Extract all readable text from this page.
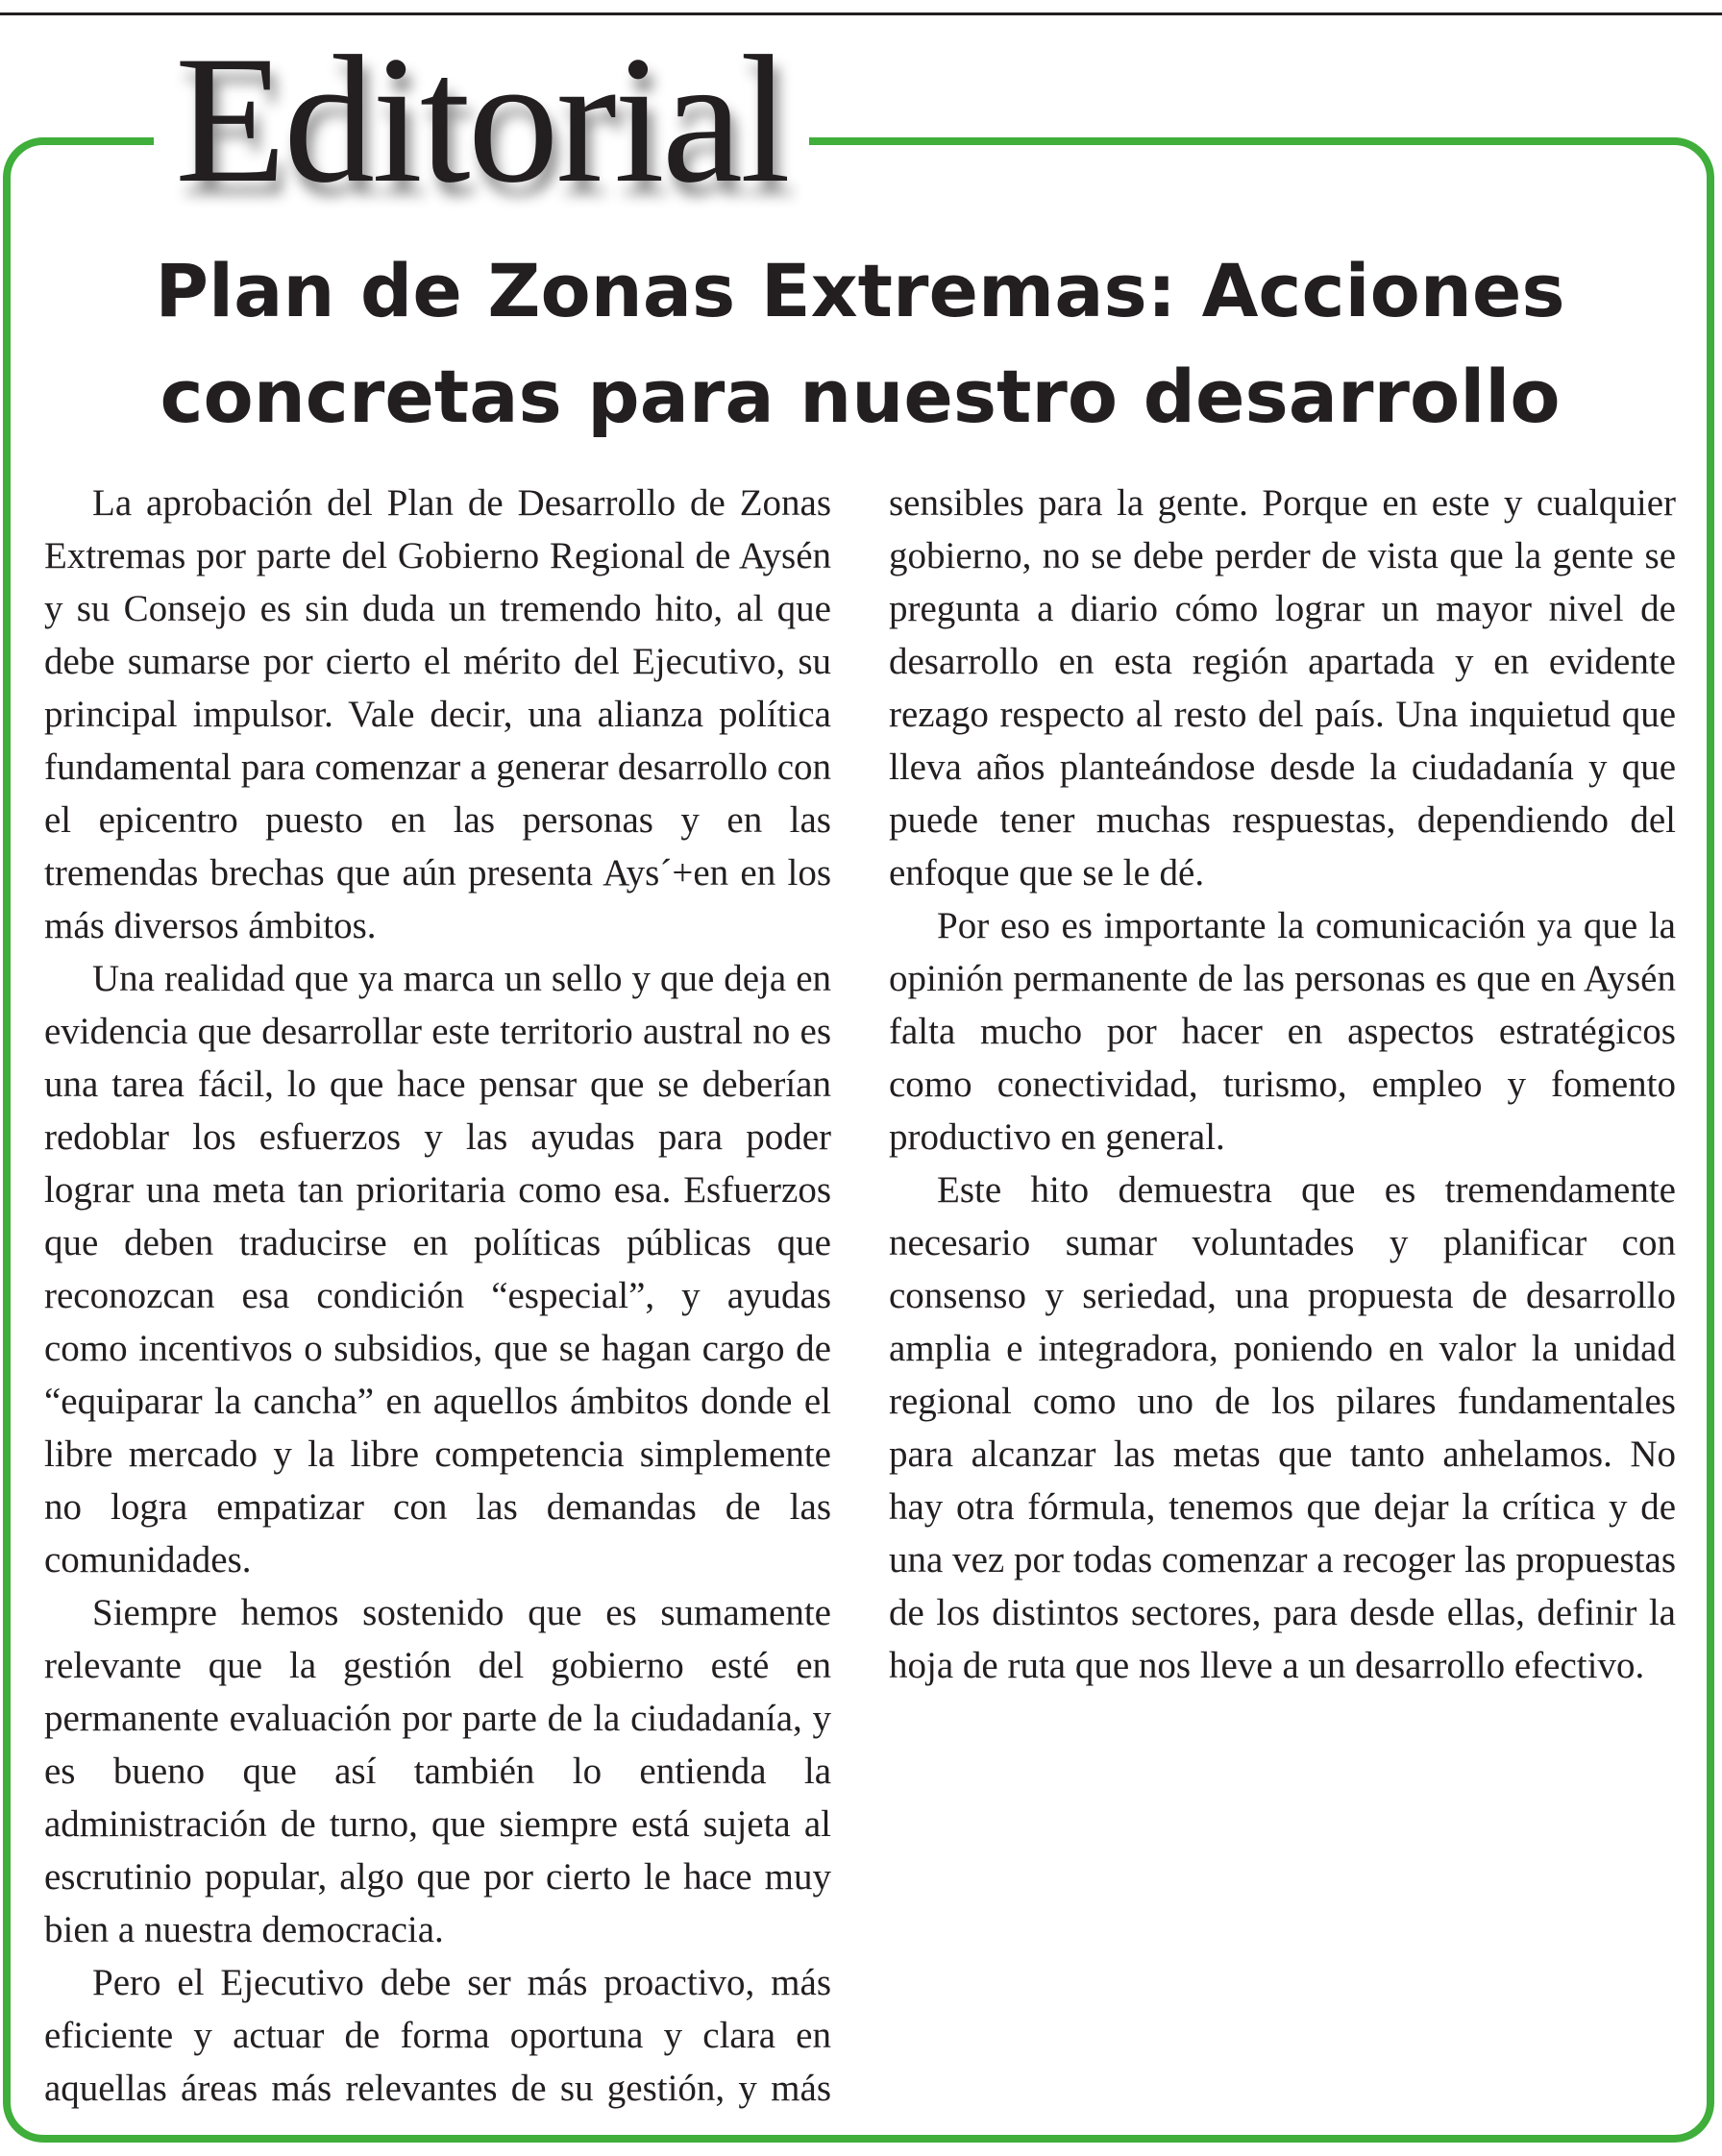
Editorial
Plan de Zonas Extremas: Acciones
concretas para nuestro desarrollo

La aprobación del Plan de Desarrollo de Zonas Extremas por parte del Gobierno Regional de Aysén y su Consejo es sin duda un tremendo hito, al que debe sumarse por cierto el mérito del Ejecutivo, su principal impulsor. Vale decir, una alianza política fundamental para comenzar a generar desarrollo con el epicentro puesto en las personas y en las tremendas brechas que aún presenta Ays´+en en los más diversos ámbitos.

Una realidad que ya marca un sello y que deja en evidencia que desarrollar este territorio austral no es una tarea fácil, lo que hace pensar que se deberían redoblar los esfuerzos y las ayudas para poder lograr una meta tan prioritaria como esa. Esfuerzos que deben traducirse en políticas públicas que reconozcan esa condición “especial”, y ayudas como incentivos o subsidios, que se hagan cargo de “equiparar la cancha” en aquellos ámbitos donde el libre mercado y la libre competencia simplemente no logra empatizar con las demandas de las comunidades.

Siempre hemos sostenido que es sumamente relevante que la gestión del gobierno esté en permanente evaluación por parte de la ciudadanía, y es bueno que así también lo entienda la administración de turno, que siempre está sujeta al escrutinio popular, algo que por cierto le hace muy bien a nuestra democracia.

Pero el Ejecutivo debe ser más proactivo, más eficiente y actuar de forma oportuna y clara en aquellas áreas más relevantes de su gestión, y más sensibles para la gente. Porque en este y cualquier gobierno, no se debe perder de vista que la gente se pregunta a diario cómo lograr un mayor nivel de desarrollo en esta región apartada y en evidente rezago respecto al resto del país. Una inquietud que lleva años planteándose desde la ciudadanía y que puede tener muchas respuestas, dependiendo del enfoque que se le dé.

Por eso es importante la comunicación ya que la opinión permanente de las personas es que en Aysén falta mucho por hacer en aspectos estratégicos como conectividad, turismo, empleo y fomento productivo en general.

Este hito demuestra que es tremendamente necesario sumar voluntades y planificar con consenso y seriedad, una propuesta de desarrollo amplia e integradora, poniendo en valor la unidad regional como uno de los pilares fundamentales para alcanzar las metas que tanto anhelamos. No hay otra fórmula, tenemos que dejar la crítica y de una vez por todas comenzar a recoger las propuestas de los distintos sectores, para desde ellas, definir la hoja de ruta que nos lleve a un desarrollo efectivo.
